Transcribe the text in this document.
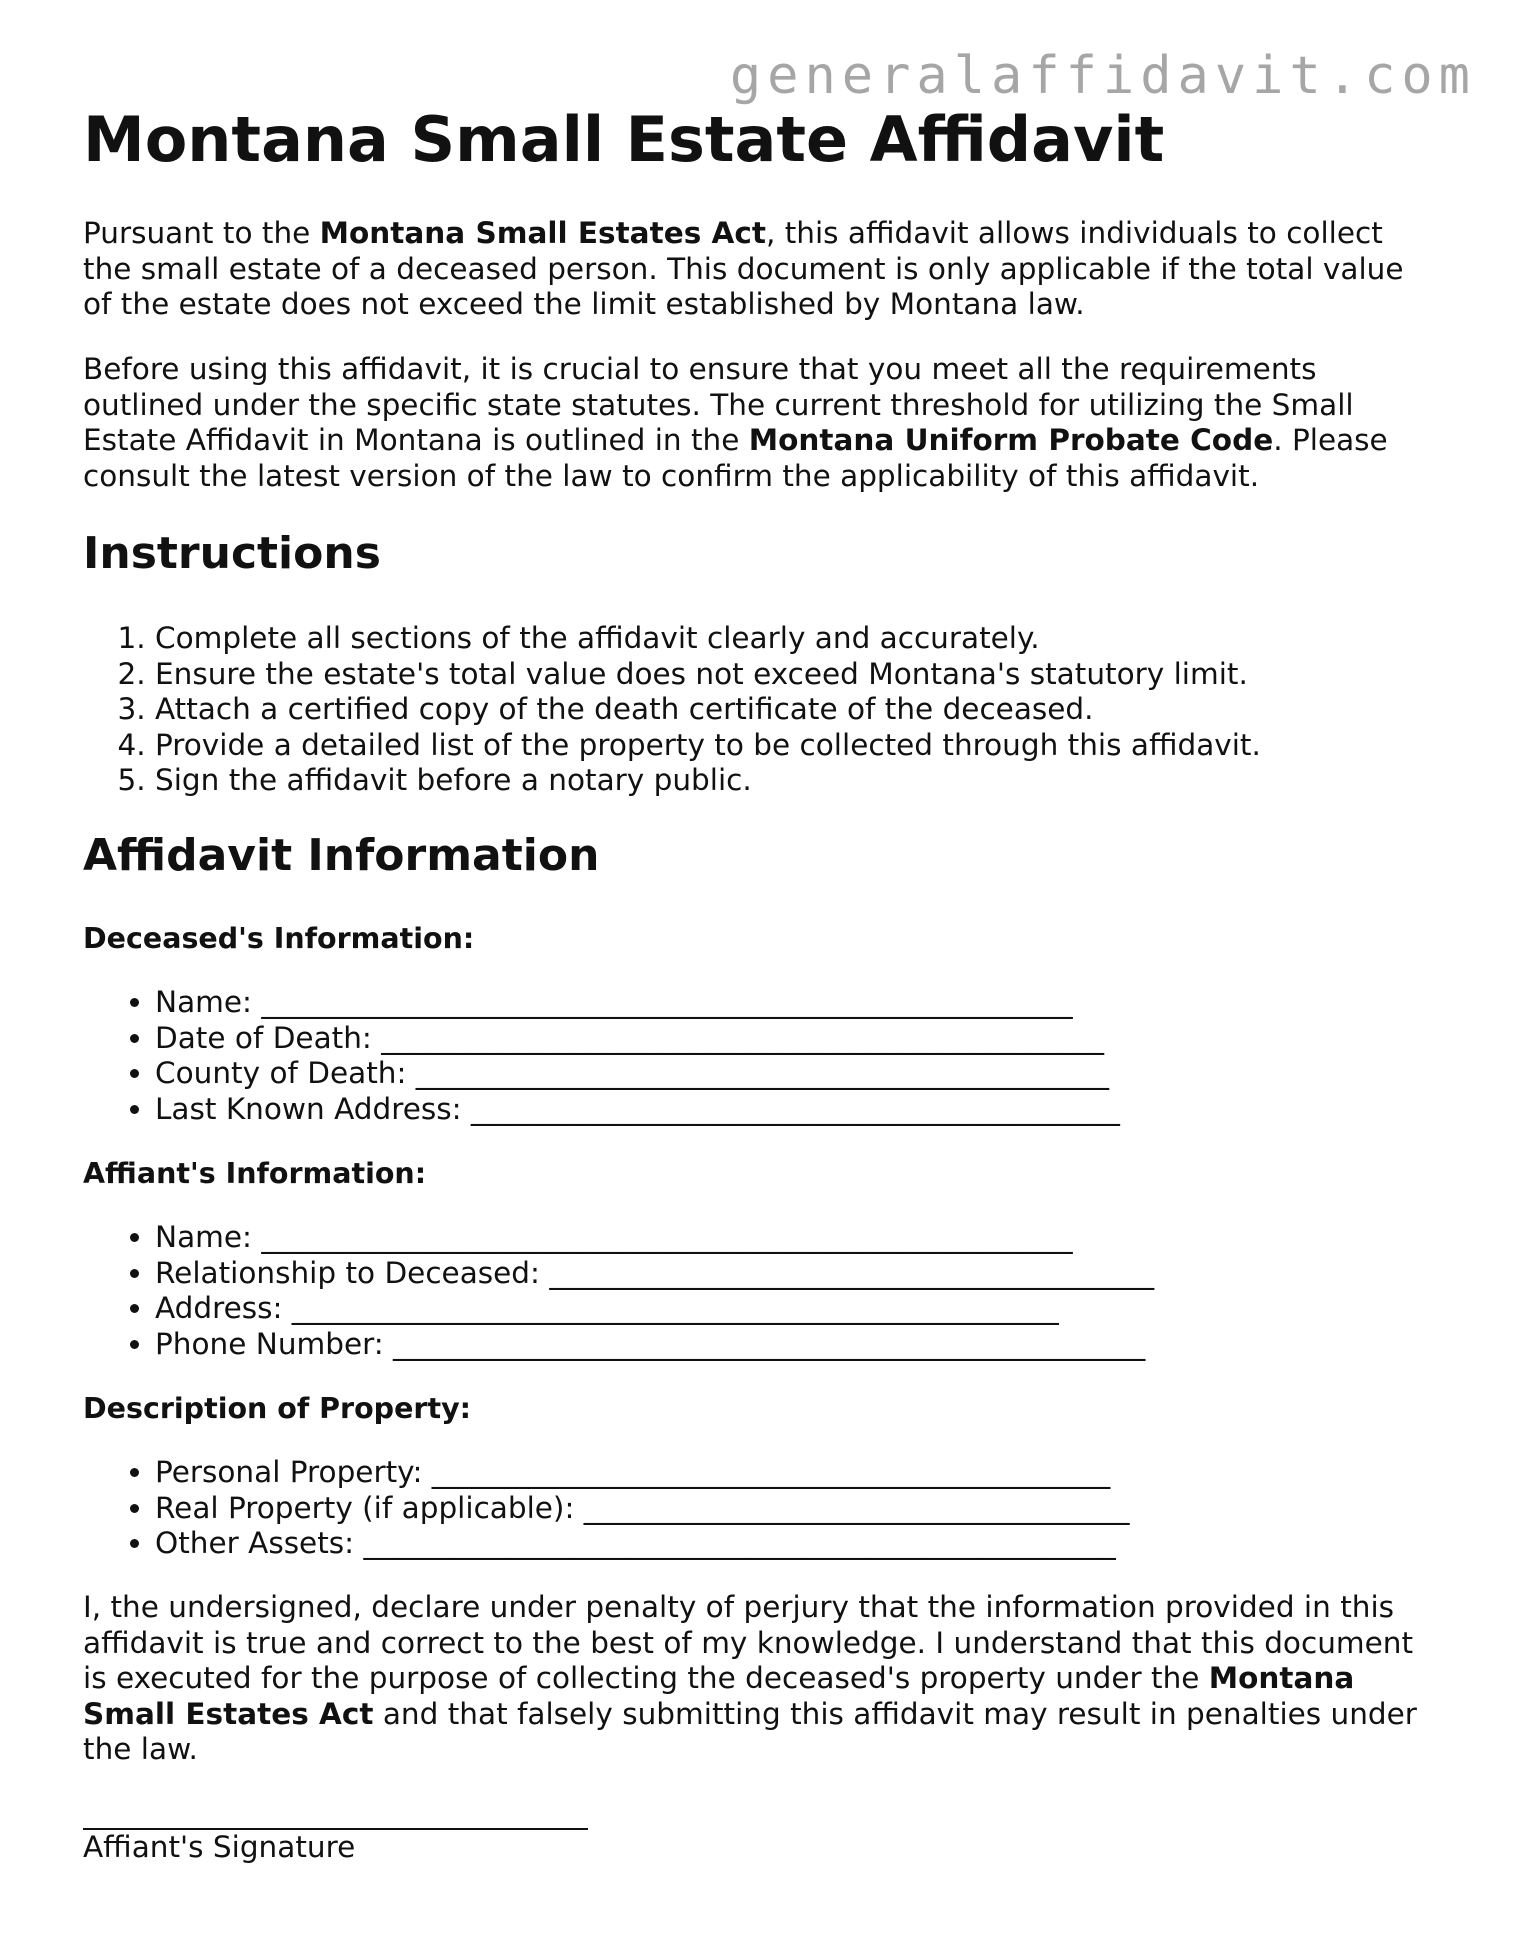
generalaffidavit.com
Montana Small Estate Affidavit

Pursuant to the Montana Small Estates Act, this affidavit allows individuals to collect the small estate of a deceased person. This document is only applicable if the total value of the estate does not exceed the limit established by Montana law.

Before using this affidavit, it is crucial to ensure that you meet all the requirements outlined under the specific state statutes. The current threshold for utilizing the Small Estate Affidavit in Montana is outlined in the Montana Uniform Probate Code. Please consult the latest version of the law to confirm the applicability of this affidavit.

Instructions
1. Complete all sections of the affidavit clearly and accurately.
2. Ensure the estate's total value does not exceed Montana's statutory limit.
3. Attach a certified copy of the death certificate of the deceased.
4. Provide a detailed list of the property to be collected through this affidavit.
5. Sign the affidavit before a notary public.
Affidavit Information
Deceased's Information:
• Name: _______________________________________________________
• Date of Death: _________________________________________________
• County of Death: _______________________________________________
• Last Known Address: ____________________________________________
Affiant's Information:
• Name: _______________________________________________________
• Relationship to Deceased: _________________________________________
• Address: ____________________________________________________
• Phone Number: ___________________________________________________
Description of Property:
• Personal Property: ______________________________________________
• Real Property (if applicable): _____________________________________
• Other Assets: ___________________________________________________

I, the undersigned, declare under penalty of perjury that the information provided in this affidavit is true and correct to the best of my knowledge. I understand that this document is executed for the purpose of collecting the deceased's property under the Montana Small Estates Act and that falsely submitting this affidavit may result in penalties under the law.

Affiant's Signature
